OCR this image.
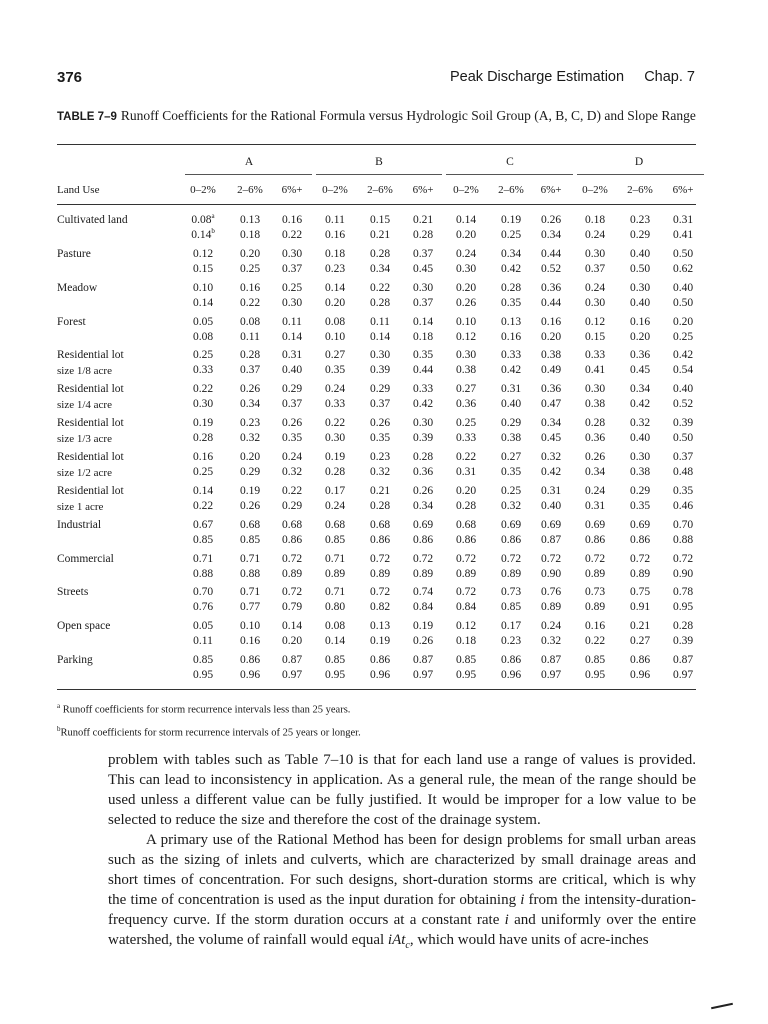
376	Peak Discharge Estimation     Chap. 7
TABLE 7–9 Runoff Coefficients for the Rational Formula versus Hydrologic Soil Group (A, B, C, D) and Slope Range
A	B	C	D
Land Use	0–2%	2–6%	6%+	0–2%	2–6%	6%+	0–2%	2–6%	6%+	0–2%	2–6%	6%+
Cultivated land	0.08$^a$	0.13	0.16	0.11	0.15	0.21	0.14	0.19	0.26	0.18	0.23	0.31
0.14$^b$	0.18	0.22	0.16	0.21	0.28	0.20	0.25	0.34	0.24	0.29	0.41
Pasture	0.12	0.20	0.30	0.18	0.28	0.37	0.24	0.34	0.44	0.30	0.40	0.50
0.15	0.25	0.37	0.23	0.34	0.45	0.30	0.42	0.52	0.37	0.50	0.62
Meadow	0.10	0.16	0.25	0.14	0.22	0.30	0.20	0.28	0.36	0.24	0.30	0.40
0.14	0.22	0.30	0.20	0.28	0.37	0.26	0.35	0.44	0.30	0.40	0.50
Forest	0.05	0.08	0.11	0.08	0.11	0.14	0.10	0.13	0.16	0.12	0.16	0.20
0.08	0.11	0.14	0.10	0.14	0.18	0.12	0.16	0.20	0.15	0.20	0.25
Residential lot
size 1/8 acre
0.25	0.28	0.31	0.27	0.30	0.35	0.30	0.33	0.38	0.33	0.36	0.42
0.33	0.37	0.40	0.35	0.39	0.44	0.38	0.42	0.49	0.41	0.45	0.54
Residential lot
size 1/4 acre
0.22	0.26	0.29	0.24	0.29	0.33	0.27	0.31	0.36	0.30	0.34	0.40
0.30	0.34	0.37	0.33	0.37	0.42	0.36	0.40	0.47	0.38	0.42	0.52
Residential lot
size 1/3 acre
0.19	0.23	0.26	0.22	0.26	0.30	0.25	0.29	0.34	0.28	0.32	0.39
0.28	0.32	0.35	0.30	0.35	0.39	0.33	0.38	0.45	0.36	0.40	0.50
Residential lot
size 1/2 acre
0.16	0.20	0.24	0.19	0.23	0.28	0.22	0.27	0.32	0.26	0.30	0.37
0.25	0.29	0.32	0.28	0.32	0.36	0.31	0.35	0.42	0.34	0.38	0.48
Residential lot
size 1 acre
0.14	0.19	0.22	0.17	0.21	0.26	0.20	0.25	0.31	0.24	0.29	0.35
0.22	0.26	0.29	0.24	0.28	0.34	0.28	0.32	0.40	0.31	0.35	0.46
Industrial	0.67	0.68	0.68	0.68	0.68	0.69	0.68	0.69	0.69	0.69	0.69	0.70
0.85	0.85	0.86	0.85	0.86	0.86	0.86	0.86	0.87	0.86	0.86	0.88
Commercial	0.71	0.71	0.72	0.71	0.72	0.72	0.72	0.72	0.72	0.72	0.72	0.72
0.88	0.88	0.89	0.89	0.89	0.89	0.89	0.89	0.90	0.89	0.89	0.90
Streets	0.70	0.71	0.72	0.71	0.72	0.74	0.72	0.73	0.76	0.73	0.75	0.78
0.76	0.77	0.79	0.80	0.82	0.84	0.84	0.85	0.89	0.89	0.91	0.95
Open space	0.05	0.10	0.14	0.08	0.13	0.19	0.12	0.17	0.24	0.16	0.21	0.28
0.11	0.16	0.20	0.14	0.19	0.26	0.18	0.23	0.32	0.22	0.27	0.39
Parking	0.85	0.86	0.87	0.85	0.86	0.87	0.85	0.86	0.87	0.85	0.86	0.87
0.95	0.96	0.97	0.95	0.96	0.97	0.95	0.96	0.97	0.95	0.96	0.97
$^a$ Runoff coefficients for storm recurrence intervals less than 25 years.
$^b$Runoff coefficients for storm recurrence intervals of 25 years or longer.

problem with tables such as Table 7–10 is that for each land use a range of values is provided. This can lead to inconsistency in application. As a general rule, the mean of the range should be used unless a different value can be fully justified. It would be improper for a low value to be selected to reduce the size and therefore the cost of the drainage system.

A primary use of the Rational Method has been for design problems for small urban areas such as the sizing of inlets and culverts, which are characterized by small drainage areas and short times of concentration. For such designs, short-duration storms are critical, which is why the time of concentration is used as the input duration for obtaining i from the intensity-duration-frequency curve. If the storm duration occurs at a constant rate i and uniformly over the entire watershed, the volume of rainfall would equal iAt$_c$, which would have units of acre-inches
